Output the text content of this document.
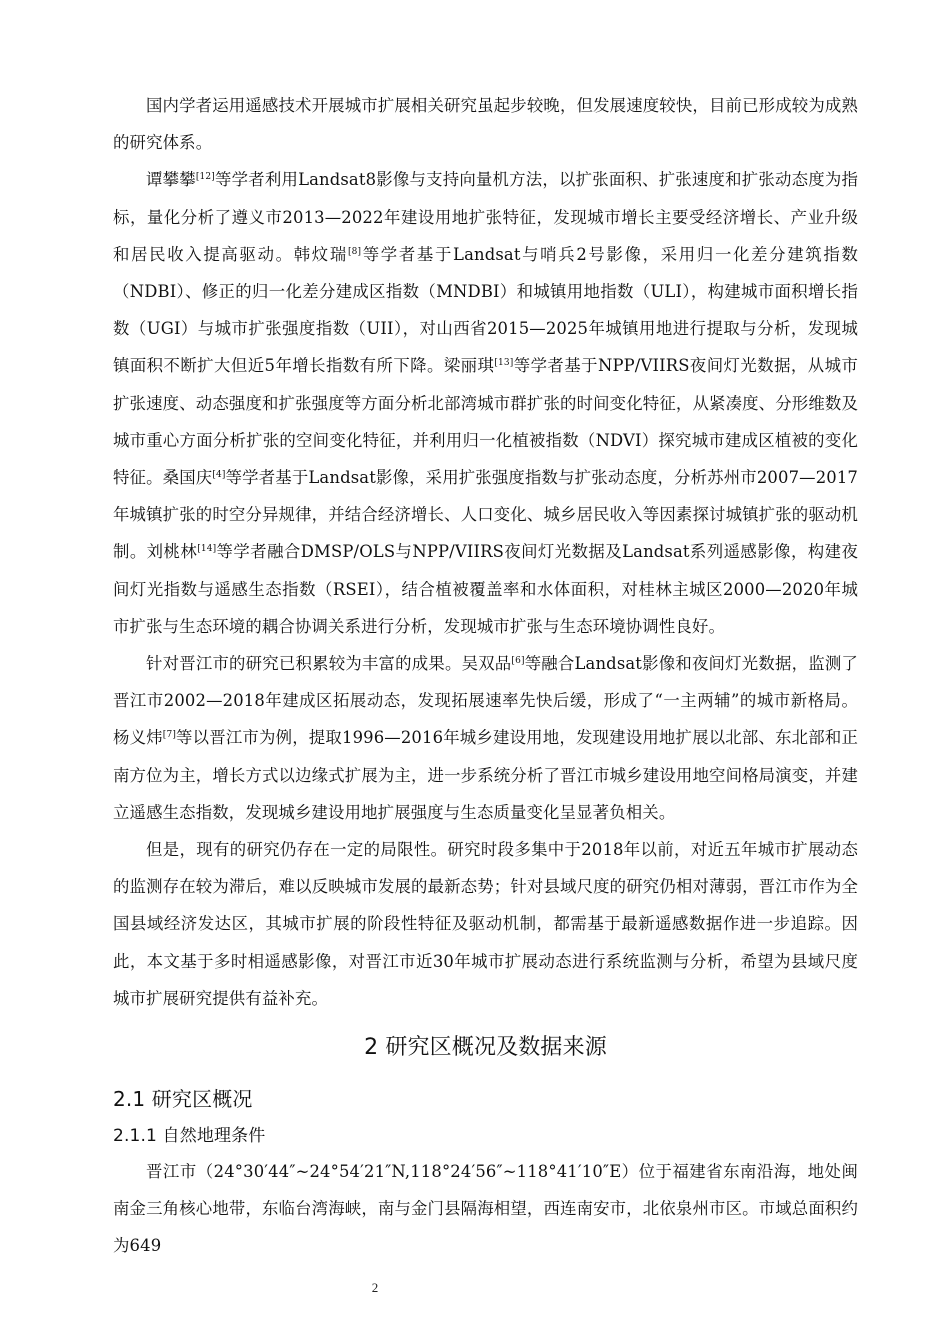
国内学者运用遥感技术开展城市扩展相关研究虽起步较晚，但发展速度较快，目前已形成较为成熟的研究体系。

谭攀攀[12]等学者利用Landsat8影像与支持向量机方法，以扩张面积、扩张速度和扩张动态度为指标，量化分析了遵义市2013—2022年建设用地扩张特征，发现城市增长主要受经济增长、产业升级和居民收入提高驱动。韩炆瑞[8]等学者基于Landsat与哨兵2号影像，采用归一化差分建筑指数（NDBI）、修正的归一化差分建成区指数（MNDBI）和城镇用地指数（ULI），构建城市面积增长指数（UGI）与城市扩张强度指数（UII），对山西省2015—2025年城镇用地进行提取与分析，发现城镇面积不断扩大但近5年增长指数有所下降。梁丽琪[13]等学者基于NPP/VIIRS夜间灯光数据，从城市扩张速度、动态强度和扩张强度等方面分析北部湾城市群扩张的时间变化特征，从紧凑度、分形维数及城市重心方面分析扩张的空间变化特征，并利用归一化植被指数（NDVI）探究城市建成区植被的变化特征。桑国庆[4]等学者基于Landsat影像，采用扩张强度指数与扩张动态度，分析苏州市2007—2017年城镇扩张的时空分异规律，并结合经济增长、人口变化、城乡居民收入等因素探讨城镇扩张的驱动机制。刘桃林[14]等学者融合DMSP/OLS与NPP/VIIRS夜间灯光数据及Landsat系列遥感影像，构建夜间灯光指数与遥感生态指数（RSEI），结合植被覆盖率和水体面积，对桂林主城区2000—2020年城市扩张与生态环境的耦合协调关系进行分析，发现城市扩张与生态环境协调性良好。

针对晋江市的研究已积累较为丰富的成果。吴双品[6]等融合Landsat影像和夜间灯光数据，监测了晋江市2002—2018年建成区拓展动态，发现拓展速率先快后缓，形成了“一主两辅”的城市新格局。杨义炜[7]等以晋江市为例，提取1996—2016年城乡建设用地，发现建设用地扩展以北部、东北部和正南方位为主，增长方式以边缘式扩展为主，进一步系统分析了晋江市城乡建设用地空间格局演变，并建立遥感生态指数，发现城乡建设用地扩展强度与生态质量变化呈显著负相关。

但是，现有的研究仍存在一定的局限性。研究时段多集中于2018年以前，对近五年城市扩展动态的监测存在较为滞后，难以反映城市发展的最新态势；针对县域尺度的研究仍相对薄弱，晋江市作为全国县域经济发达区，其城市扩展的阶段性特征及驱动机制，都需基于最新遥感数据作进一步追踪。因此，本文基于多时相遥感影像，对晋江市近30年城市扩展动态进行系统监测与分析，希望为县域尺度城市扩展研究提供有益补充。

2 研究区概况及数据来源
2.1 研究区概况
2.1.1 自然地理条件

晋江市（24°30′44″~24°54′21″N,118°24′56″~118°41′10″E）位于福建省东南沿海，地处闽南金三角核心地带，东临台湾海峡，南与金门县隔海相望，西连南安市，北依泉州市区。市域总面积约为649

2
